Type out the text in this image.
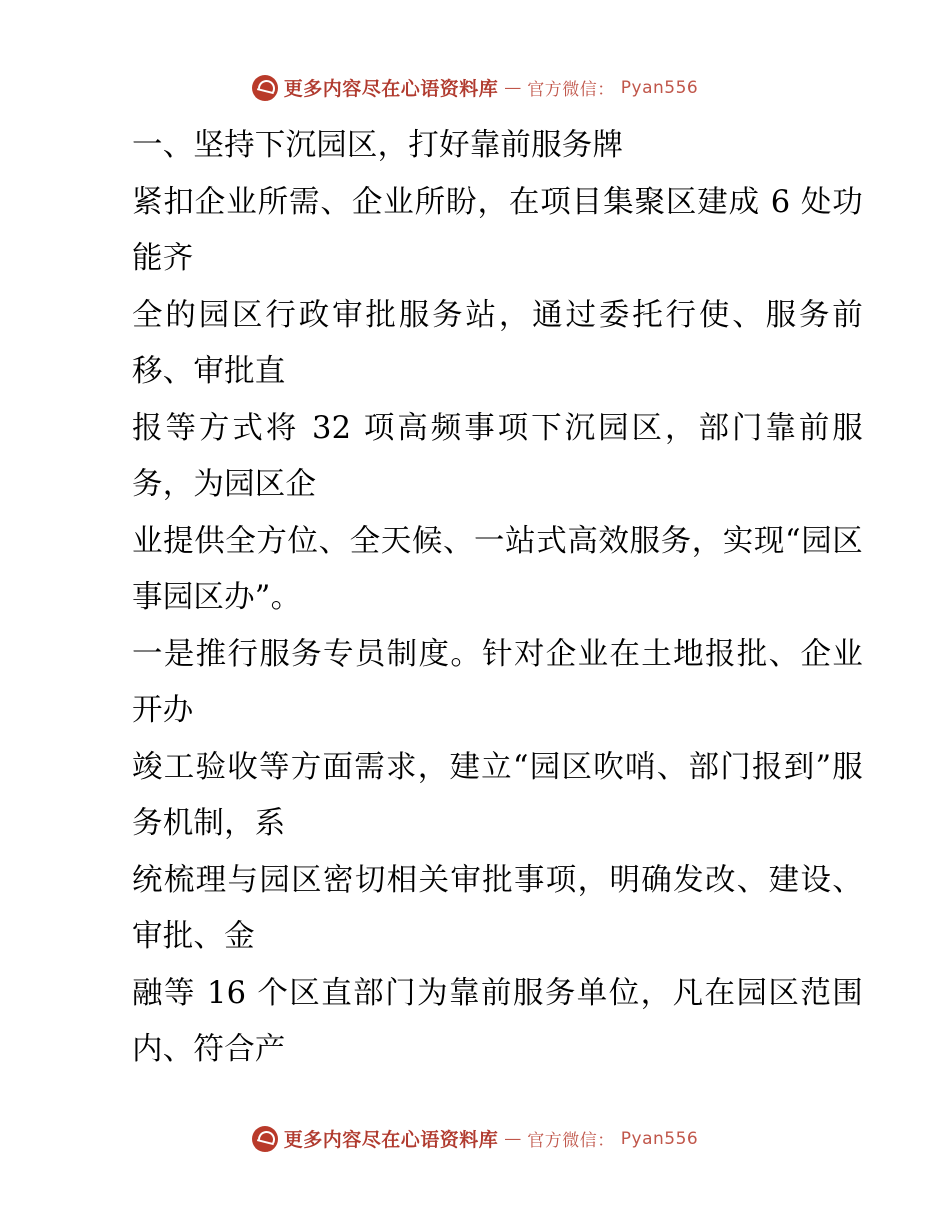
更多内容尽在心语资料库 — 官方微信： Pyan556

一、坚持下沉园区，打好靠前服务牌

紧扣企业所需、企业所盼，在项目集聚区建成 6 处功能齐

全的园区行政审批服务站，通过委托行使、服务前移、审批直

报等方式将 32 项高频事项下沉园区，部门靠前服务，为园区企

业提供全方位、全天候、一站式高效服务，实现“园区事园区办”。

一是推行服务专员制度。针对企业在土地报批、企业开办

竣工验收等方面需求，建立“园区吹哨、部门报到”服务机制，系

统梳理与园区密切相关审批事项，明确发改、建设、审批、金

融等 16 个区直部门为靠前服务单位，凡在园区范围内、符合产

更多内容尽在心语资料库 — 官方微信： Pyan556
